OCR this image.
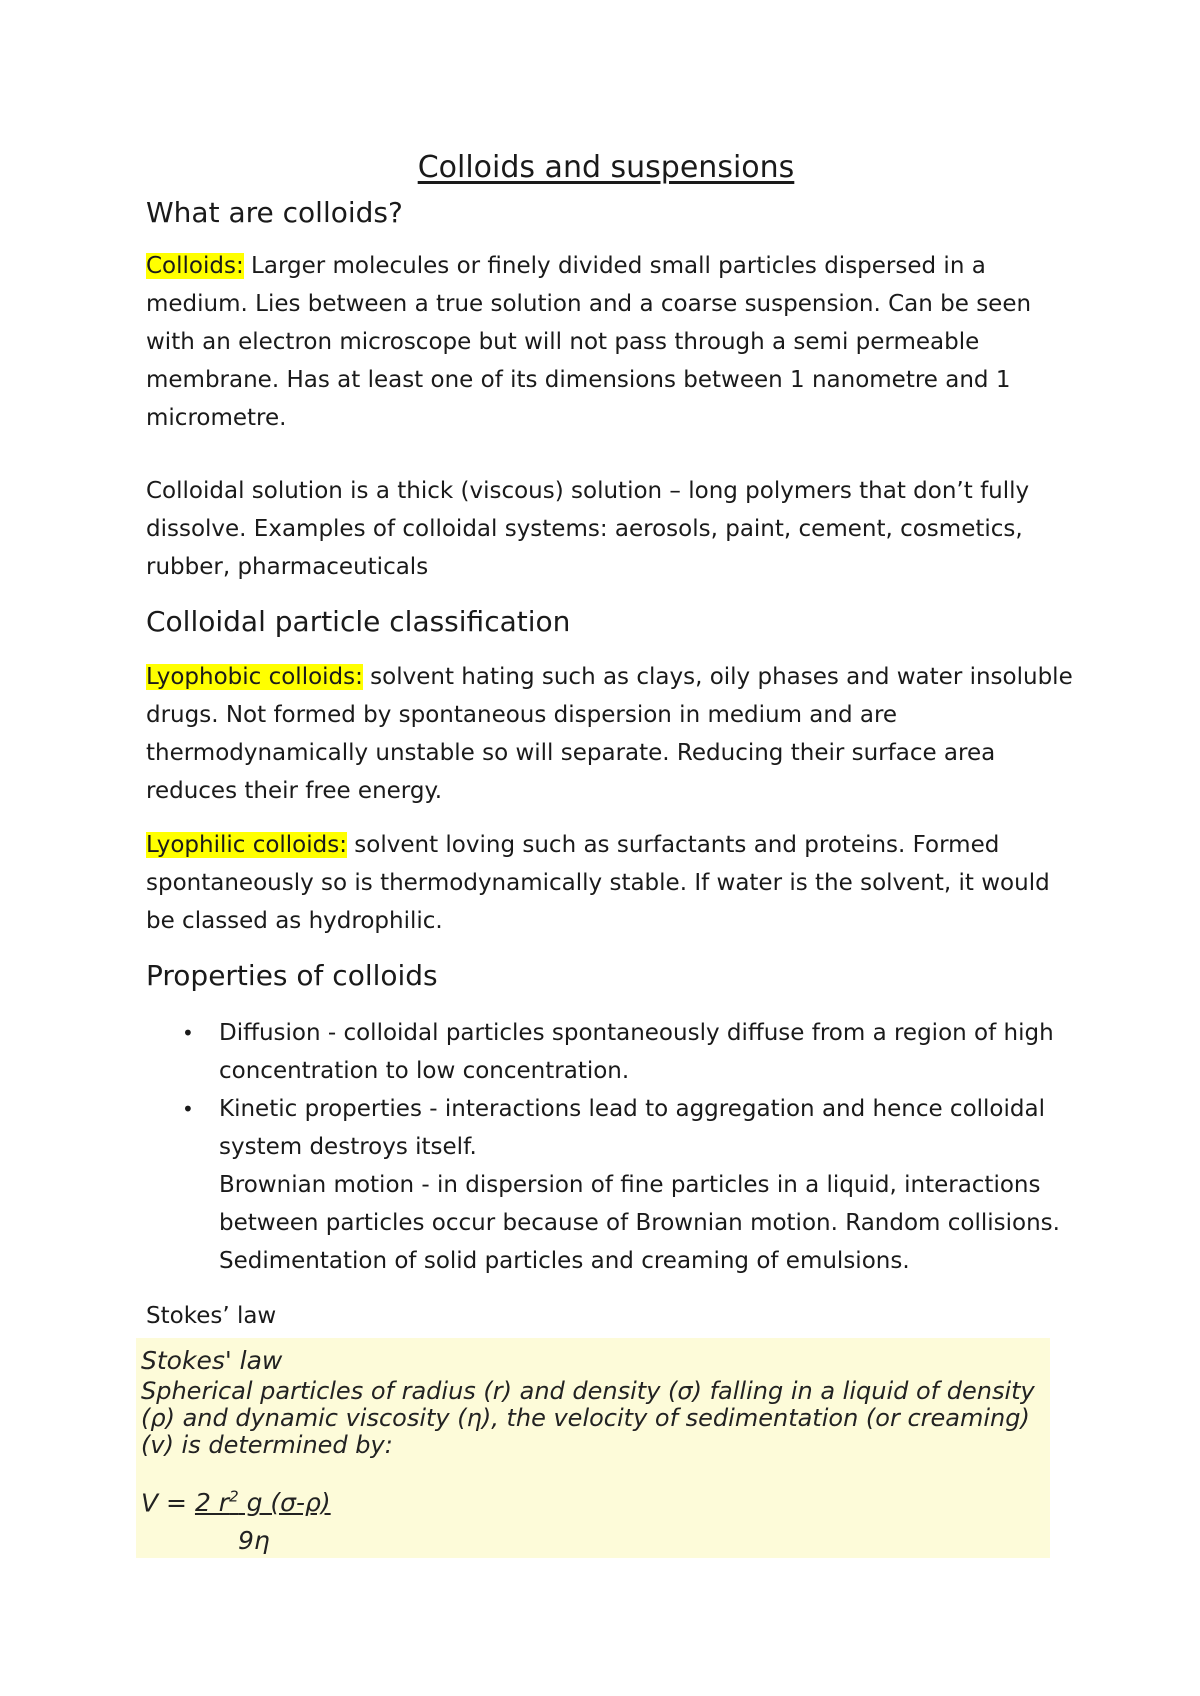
Colloids and suspensions
What are colloids?

Colloids: Larger molecules or finely divided small particles dispersed in a medium. Lies between a true solution and a coarse suspension. Can be seen with an electron microscope but will not pass through a semi permeable membrane. Has at least one of its dimensions between 1 nanometre and 1 micrometre.

Colloidal solution is a thick (viscous) solution – long polymers that don’t fully dissolve. Examples of colloidal systems: aerosols, paint, cement, cosmetics, rubber, pharmaceuticals

Colloidal particle classification

Lyophobic colloids: solvent hating such as clays, oily phases and water insoluble drugs. Not formed by spontaneous dispersion in medium and are thermodynamically unstable so will separate. Reducing their surface area reduces their free energy.

Lyophilic colloids: solvent loving such as surfactants and proteins. Formed spontaneously so is thermodynamically stable. If water is the solvent, it would be classed as hydrophilic.

Properties of colloids
• Diffusion - colloidal particles spontaneously diffuse from a region of high concentration to low concentration.
• Kinetic properties - interactions lead to aggregation and hence colloidal system destroys itself.
Brownian motion - in dispersion of fine particles in a liquid, interactions between particles occur because of Brownian motion. Random collisions. Sedimentation of solid particles and creaming of emulsions.

Stokes’ law

Stokes' law
Spherical particles of radius (r) and density (σ) falling in a liquid of density (ρ) and dynamic viscosity (η), the velocity of sedimentation (or creaming) (v) is determined by:
V = 2 $r^2$ g (σ-ρ)
9η
